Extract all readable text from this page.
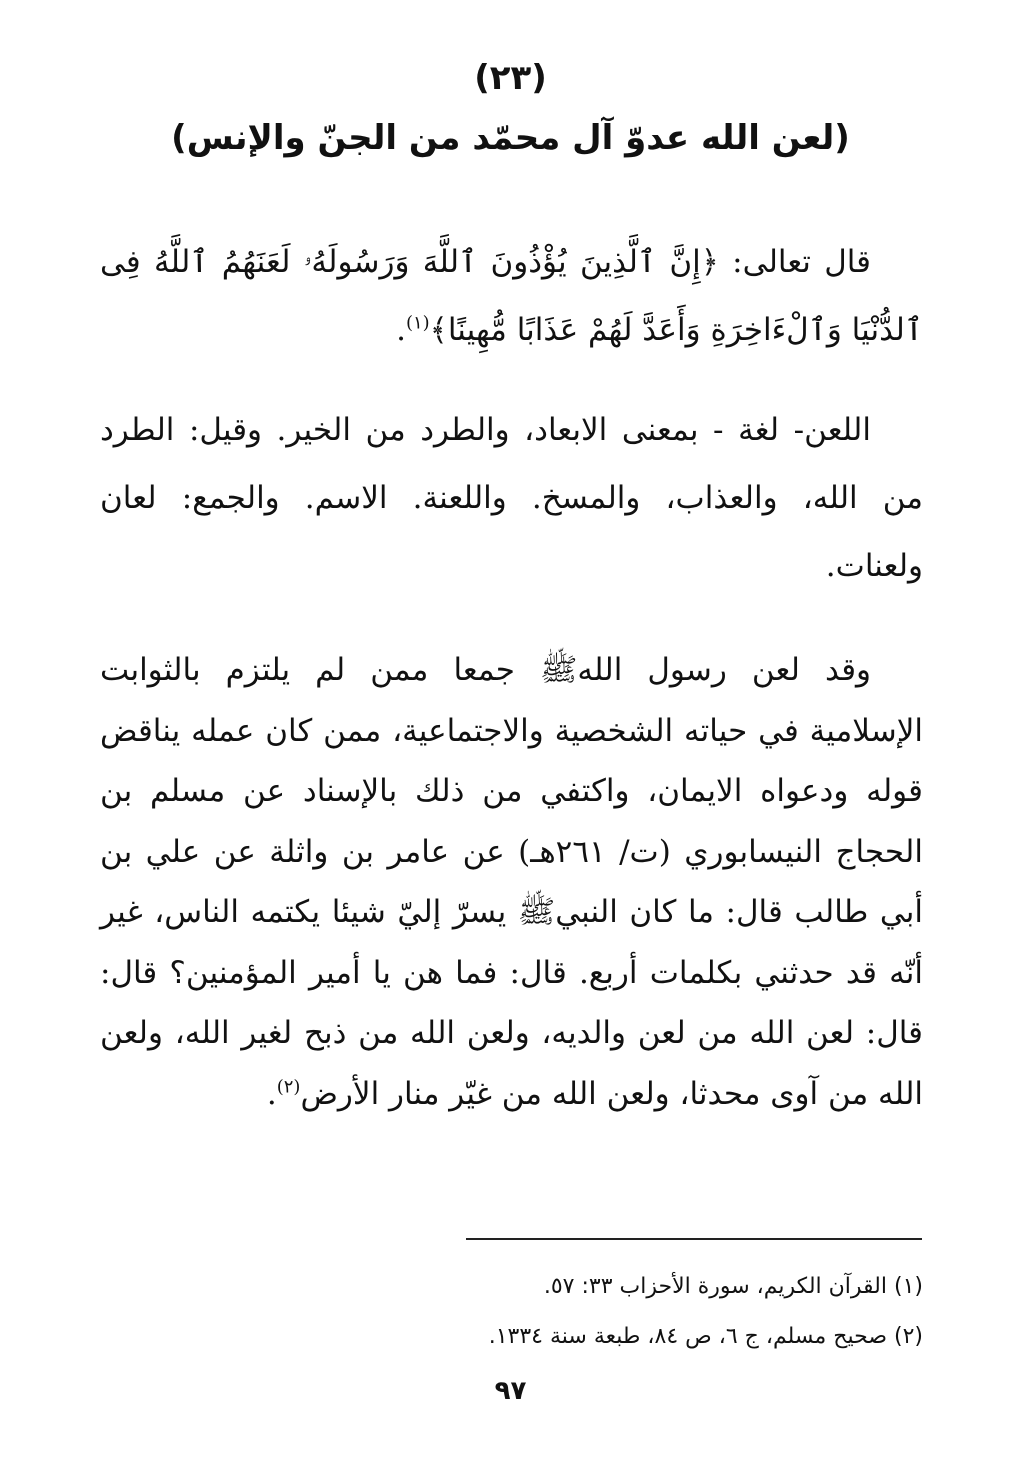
(٢٣)
(لعن الله عدوّ آل محمّد من الجنّ والإنس)
قال تعالى: ﴿إِنَّ ٱلَّذِينَ يُؤْذُونَ ٱللَّهَ وَرَسُولَهُۥ لَعَنَهُمُ ٱللَّهُ فِى ٱلدُّنْيَا وَٱلْءَاخِرَةِ وَأَعَدَّ لَهُمْ عَذَابًا مُّهِينًا﴾$^{(١)}$.
اللعن- لغة - بمعنى الابعاد، والطرد من الخير. وقيل: الطرد من الله، والعذاب، والمسخ. واللعنة. الاسم. والجمع: لعان ولعنات.
وقد لعن رسول اللهﷺ جمعا ممن لم يلتزم بالثوابت الإسلامية في حياته الشخصية والاجتماعية، ممن كان عمله يناقض قوله ودعواه الايمان، واكتفي من ذلك بالإسناد عن مسلم بن الحجاج النيسابوري (ت/ ٢٦١هـ) عن عامر بن واثلة عن علي بن أبي طالب قال: ما كان النبيﷺ يسرّ إليّ شيئا يكتمه الناس، غير أنّه قد حدثني بكلمات أربع. قال: فما هن يا أمير المؤمنين؟ قال: قال: لعن الله من لعن والديه، ولعن الله من ذبح لغير الله، ولعن الله من آوى محدثا، ولعن الله من غيّر منار الأرض$^{(٢)}$.
(١) القرآن الكريم، سورة الأحزاب ٣٣: ٥٧.
(٢) صحيح مسلم، ج ٦، ص ٨٤، طبعة سنة ١٣٣٤.
٩٧
